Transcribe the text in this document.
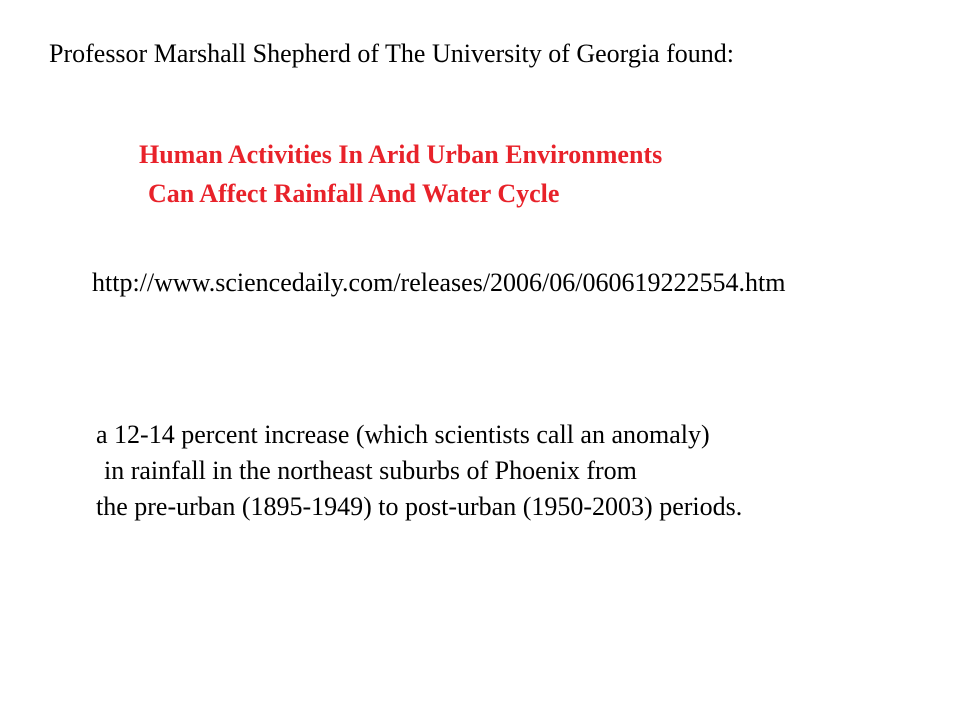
Professor Marshall Shepherd of The University of Georgia found:

Human Activities In Arid Urban Environments

Can Affect Rainfall And Water Cycle

http://www.sciencedaily.com/releases/2006/06/060619222554.htm

a 12-14 percent increase (which scientists call an anomaly)

in rainfall in the northeast suburbs of Phoenix from

the pre-urban (1895-1949) to post-urban (1950-2003) periods.
